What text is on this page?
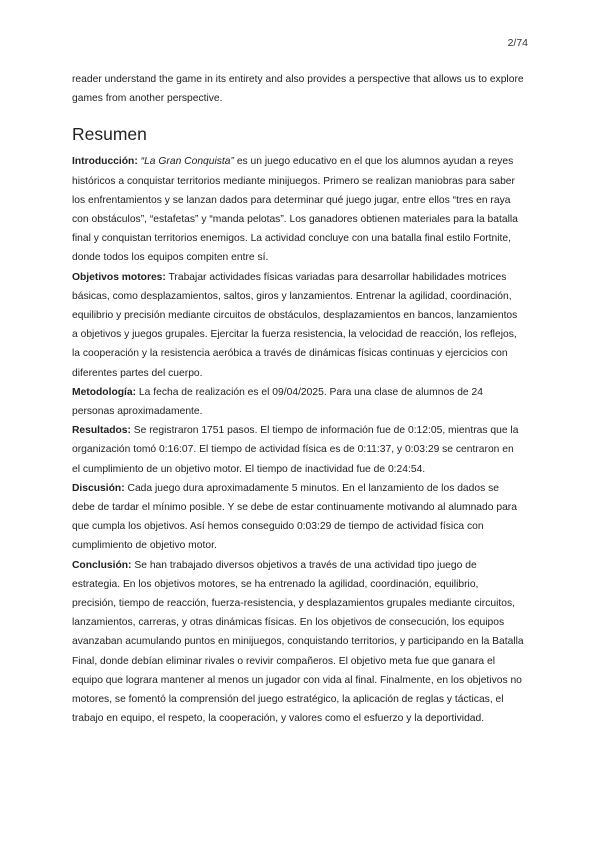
2/74

reader understand the game in its entirety and also provides a perspective that allows us to explore games from another perspective.

Resumen

Introducción: “La Gran Conquista” es un juego educativo en el que los alumnos ayudan a reyes históricos a conquistar territorios mediante minijuegos. Primero se realizan maniobras para saber los enfrentamientos y se lanzan dados para determinar qué juego jugar, entre ellos “tres en raya con obstáculos”, “estafetas” y “manda pelotas”. Los ganadores obtienen materiales para la batalla final y conquistan territorios enemigos. La actividad concluye con una batalla final estilo Fortnite, donde todos los equipos compiten entre sí.

Objetivos motores: Trabajar actividades físicas variadas para desarrollar habilidades motrices básicas, como desplazamientos, saltos, giros y lanzamientos. Entrenar la agilidad, coordinación, equilibrio y precisión mediante circuitos de obstáculos, desplazamientos en bancos, lanzamientos a objetivos y juegos grupales. Ejercitar la fuerza resistencia, la velocidad de reacción, los reflejos, la cooperación y la resistencia aeróbica a través de dinámicas físicas continuas y ejercicios con diferentes partes del cuerpo.

Metodología: La fecha de realización es el 09/04/2025. Para una clase de alumnos de 24 personas aproximadamente.

Resultados: Se registraron 1751 pasos. El tiempo de información fue de 0:12:05, mientras que la organización tomó 0:16:07. El tiempo de actividad física es de 0:11:37, y 0:03:29 se centraron en el cumplimiento de un objetivo motor. El tiempo de inactividad fue de 0:24:54.

Discusión: Cada juego dura aproximadamente 5 minutos. En el lanzamiento de los dados se debe de tardar el mínimo posible. Y se debe de estar continuamente motivando al alumnado para que cumpla los objetivos. Así hemos conseguido 0:03:29 de tiempo de actividad física con cumplimiento de objetivo motor.

Conclusión: Se han trabajado diversos objetivos a través de una actividad tipo juego de estrategia. En los objetivos motores, se ha entrenado la agilidad, coordinación, equilibrio, precisión, tiempo de reacción, fuerza-resistencia, y desplazamientos grupales mediante circuitos, lanzamientos, carreras, y otras dinámicas físicas. En los objetivos de consecución, los equipos avanzaban acumulando puntos en minijuegos, conquistando territorios, y participando en la Batalla Final, donde debían eliminar rivales o revivir compañeros. El objetivo meta fue que ganara el equipo que lograra mantener al menos un jugador con vida al final. Finalmente, en los objetivos no motores, se fomentó la comprensión del juego estratégico, la aplicación de reglas y tácticas, el trabajo en equipo, el respeto, la cooperación, y valores como el esfuerzo y la deportividad.
